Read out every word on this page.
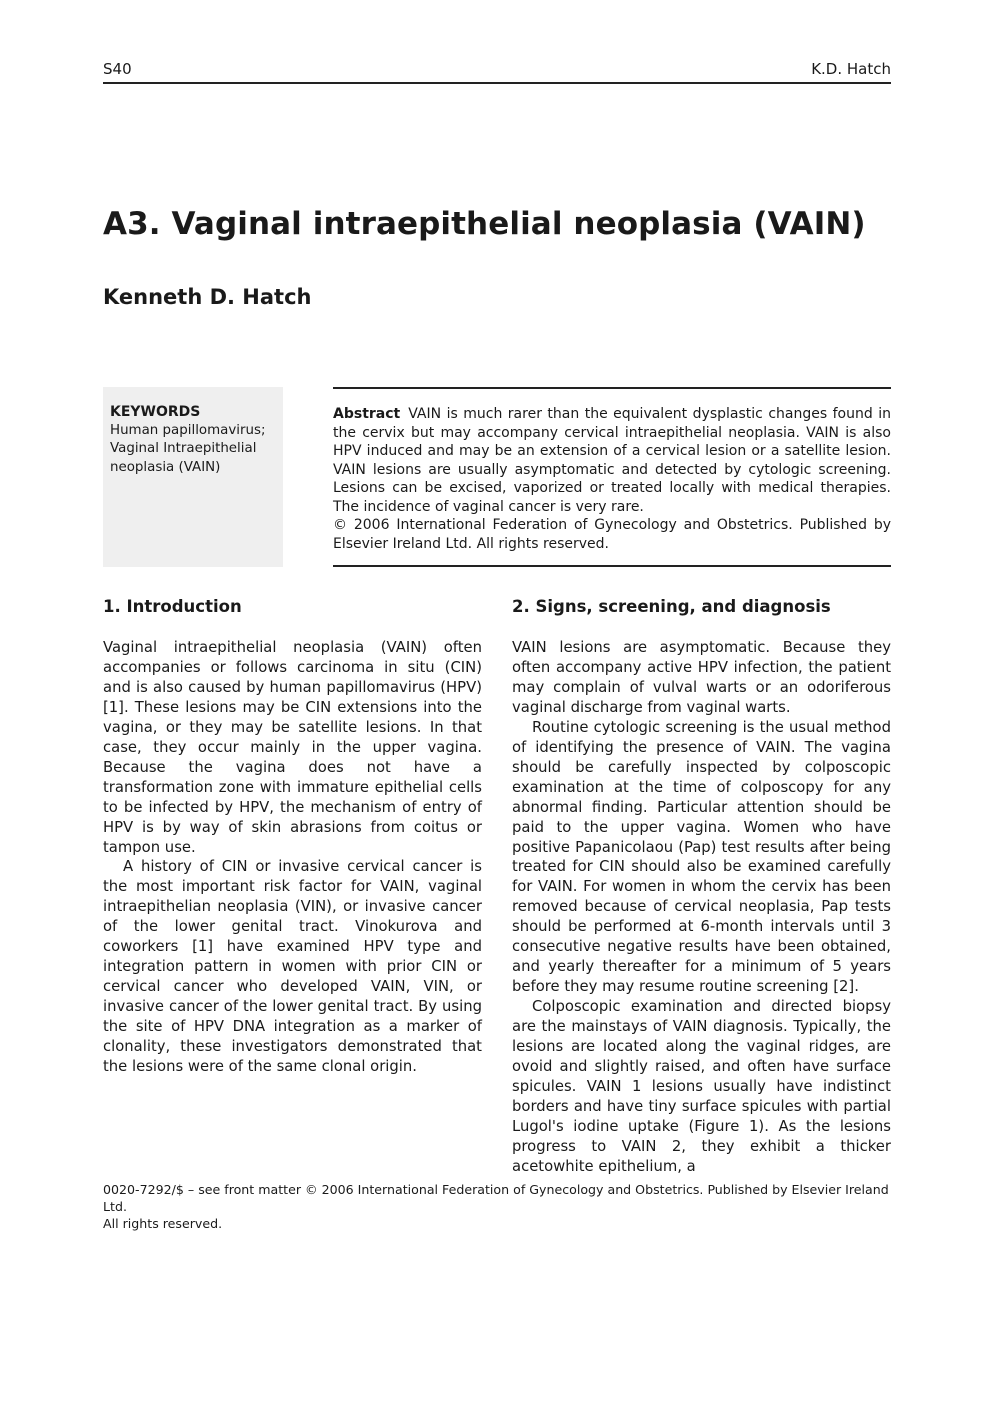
S40	K.D. Hatch
A3. Vaginal intraepithelial neoplasia (VAIN)
Kenneth D. Hatch
KEYWORDS
Human papillomavirus;
Vaginal Intraepithelial
neoplasia (VAIN)

Abstract VAIN is much rarer than the equivalent dysplastic changes found in the cervix but may accompany cervical intraepithelial neoplasia. VAIN is also HPV induced and may be an extension of a cervical lesion or a satellite lesion. VAIN lesions are usually asymptomatic and detected by cytologic screening. Lesions can be excised, vaporized or treated locally with medical therapies. The incidence of vaginal cancer is very rare.

© 2006 International Federation of Gynecology and Obstetrics. Published by Elsevier Ireland Ltd. All rights reserved.

1. Introduction

Vaginal intraepithelial neoplasia (VAIN) often accompanies or follows carcinoma in situ (CIN) and is also caused by human papillomavirus (HPV) [1]. These lesions may be CIN extensions into the vagina, or they may be satellite lesions. In that case, they occur mainly in the upper vagina. Because the vagina does not have a transformation zone with immature epithelial cells to be infected by HPV, the mechanism of entry of HPV is by way of skin abrasions from coitus or tampon use.

A history of CIN or invasive cervical cancer is the most important risk factor for VAIN, vaginal intraepithelian neoplasia (VIN), or invasive cancer of the lower genital tract. Vinokurova and coworkers [1] have examined HPV type and integration pattern in women with prior CIN or cervical cancer who developed VAIN, VIN, or invasive cancer of the lower genital tract. By using the site of HPV DNA integration as a marker of clonality, these investigators demonstrated that the lesions were of the same clonal origin.

2. Signs, screening, and diagnosis

VAIN lesions are asymptomatic. Because they often accompany active HPV infection, the patient may complain of vulval warts or an odoriferous vaginal discharge from vaginal warts.

Routine cytologic screening is the usual method of identifying the presence of VAIN. The vagina should be carefully inspected by colposcopic examination at the time of colposcopy for any abnormal finding. Particular attention should be paid to the upper vagina. Women who have positive Papanicolaou (Pap) test results after being treated for CIN should also be examined carefully for VAIN. For women in whom the cervix has been removed because of cervical neoplasia, Pap tests should be performed at 6-month intervals until 3 consecutive negative results have been obtained, and yearly thereafter for a minimum of 5 years before they may resume routine screening [2].

Colposcopic examination and directed biopsy are the mainstays of VAIN diagnosis. Typically, the lesions are located along the vaginal ridges, are ovoid and slightly raised, and often have surface spicules. VAIN 1 lesions usually have indistinct borders and have tiny surface spicules with partial Lugol's iodine uptake (Figure 1). As the lesions progress to VAIN 2, they exhibit a thicker acetowhite epithelium, a

0020-7292/$ – see front matter © 2006 International Federation of Gynecology and Obstetrics. Published by Elsevier Ireland Ltd.

All rights reserved.
